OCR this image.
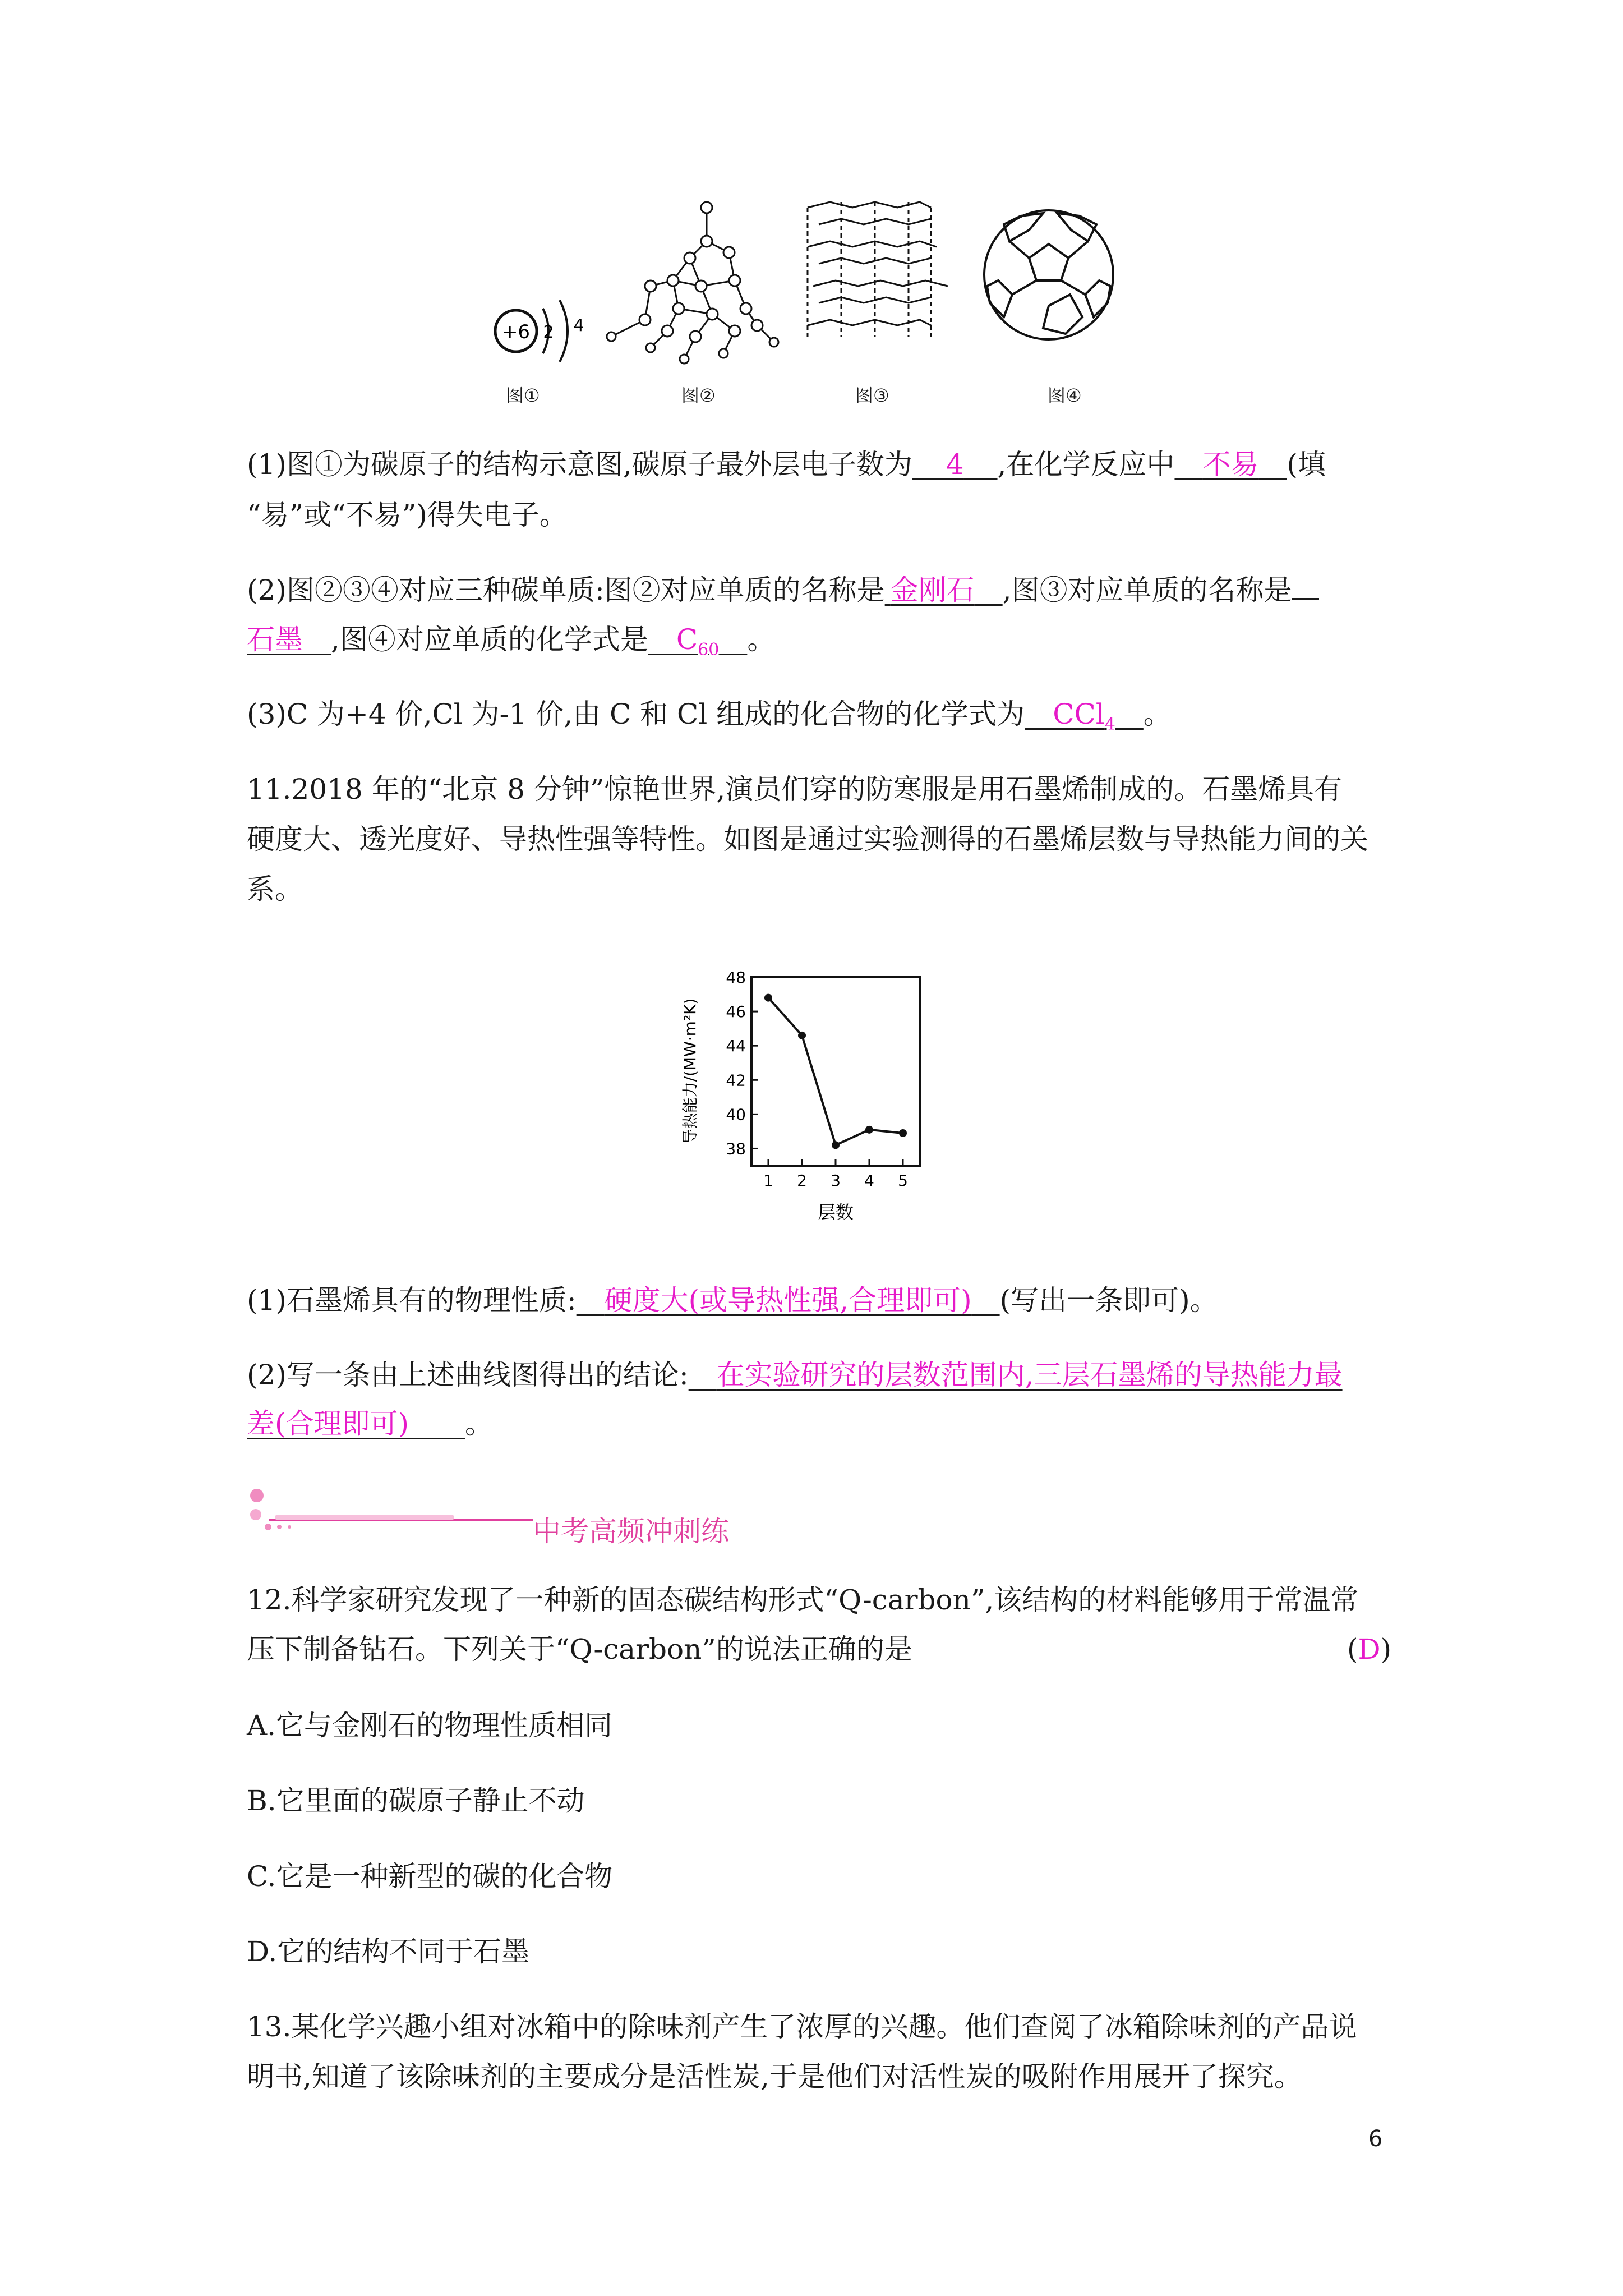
+6 2 4
图①	图②	图③	图④
(1)图①为碳原子的结构示意图,碳原子最外层电子数为   4   ,在化学反应中  不易  (填
“易”或“不易”)得失电子。
(2)图②③④对应三种碳单质:图②对应单质的名称是  金刚石  ,图③对应单质的名称是
石墨  ,图④对应单质的化学式是  $C_{60}$  。
(3)C 为+4 价,Cl 为-1 价,由 C 和 Cl 组成的化合物的化学式为  CCl$_4$  。
11.2018 年的“北京 8 分钟”惊艳世界,演员们穿的防寒服是用石墨烯制成的。石墨烯具有
硬度大、透光度好、导热性强等特性。如图是通过实验测得的石墨烯层数与导热能力间的关
系。
38
40
42
44
46
48
1 2 3 4 5
导热能力/(MW·m²K)
层数
(1)石墨烯具有的物理性质:  硬度大(或导热性强,合理即可)  (写出一条即可)。
(2)写一条由上述曲线图得出的结论:  在实验研究的层数范围内,三层石墨烯的导热能力最
差(合理即可)   。
中考高频冲刺练
12.科学家研究发现了一种新的固态碳结构形式“Q-carbon”,该结构的材料能够用于常温常
压下制备钻石。下列关于“Q-carbon”的说法正确的是	(D)
A.它与金刚石的物理性质相同
B.它里面的碳原子静止不动
C.它是一种新型的碳的化合物
D.它的结构不同于石墨
13.某化学兴趣小组对冰箱中的除味剂产生了浓厚的兴趣。他们查阅了冰箱除味剂的产品说
明书,知道了该除味剂的主要成分是活性炭,于是他们对活性炭的吸附作用展开了探究。
6
